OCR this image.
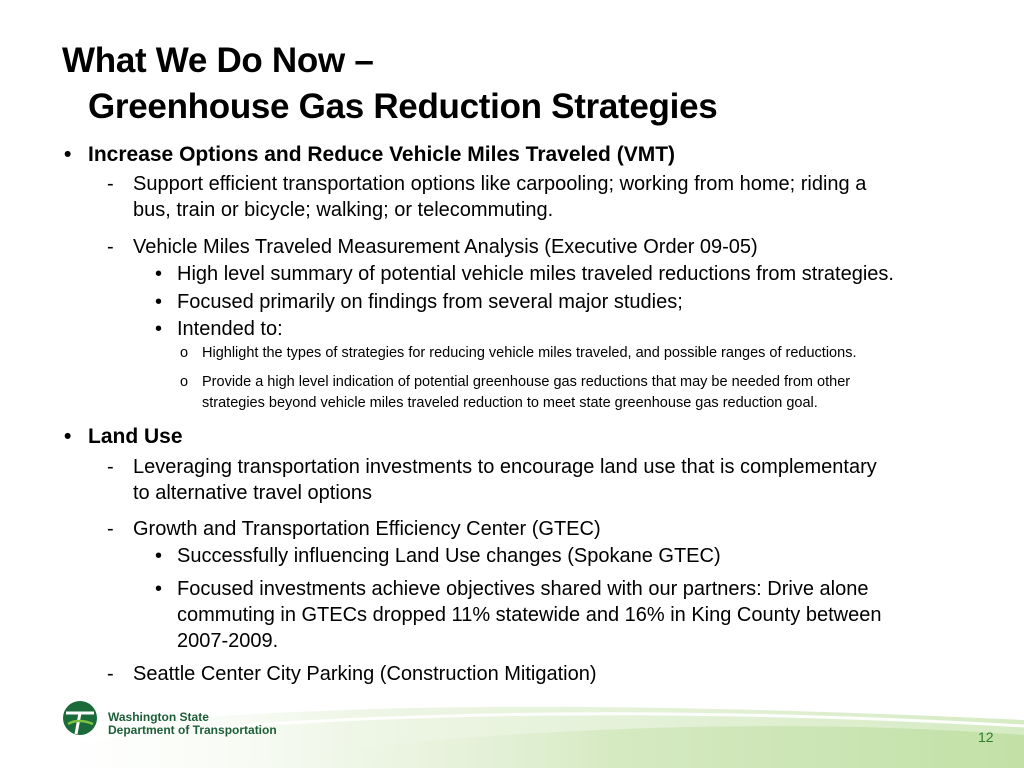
What We Do Now –
Greenhouse Gas Reduction Strategies
• Increase Options and Reduce Vehicle Miles Traveled (VMT)
- Support efficient transportation options like carpooling; working from home; riding a
bus, train or bicycle; walking; or telecommuting.
- Vehicle Miles Traveled Measurement Analysis (Executive Order 09-05)
• High level summary of potential vehicle miles traveled reductions from strategies.
• Focused primarily on findings from several major studies;
• Intended to:
o Highlight the types of strategies for reducing vehicle miles traveled, and possible ranges of reductions.
o Provide a high level indication of potential greenhouse gas reductions that may be needed from other
strategies beyond vehicle miles traveled reduction to meet state greenhouse gas reduction goal.
• Land Use
- Leveraging transportation investments to encourage land use that is complementary
to alternative travel options
- Growth and Transportation Efficiency Center (GTEC)
• Successfully influencing Land Use changes (Spokane GTEC)
• Focused investments achieve objectives shared with our partners: Drive alone
commuting in GTECs dropped 11% statewide and 16% in King County between
2007-2009.
- Seattle Center City Parking (Construction Mitigation)
Washington State
Department of Transportation	12
